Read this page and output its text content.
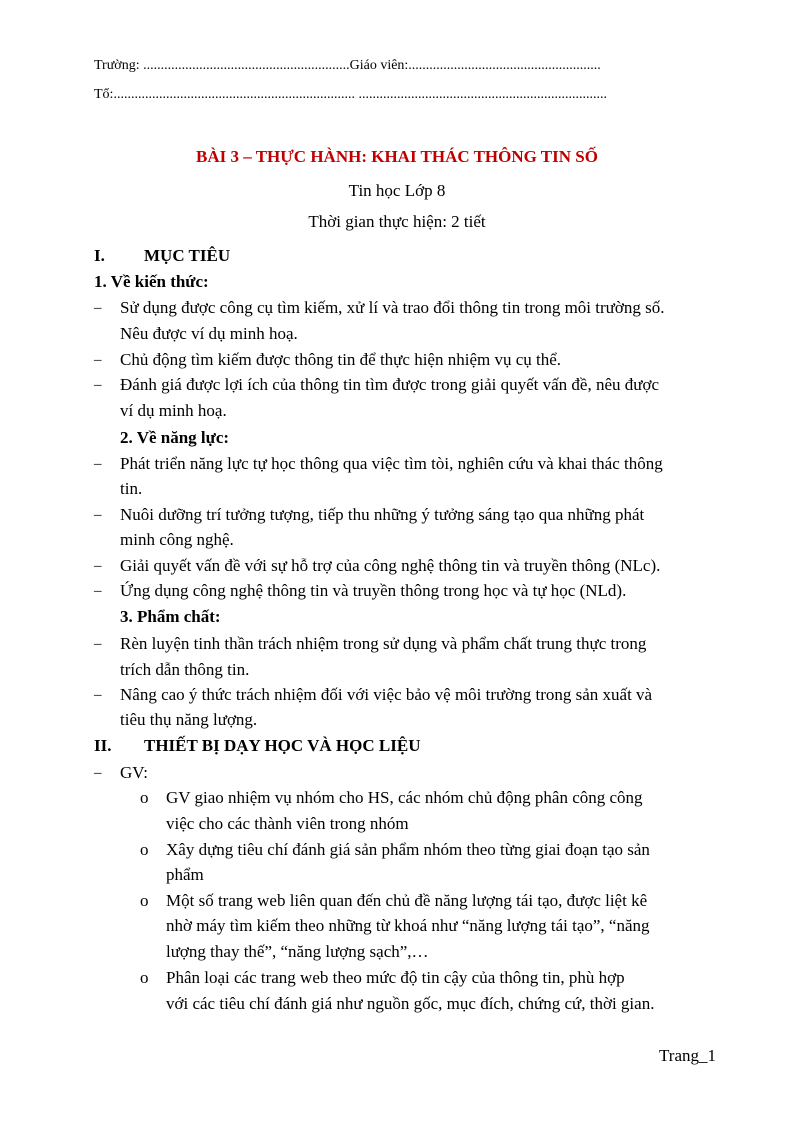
Trường: ...........................................................Giáo viên:.......................................................
Tổ:..................................................................... .......................................................................
BÀI 3 – THỰC HÀNH: KHAI THÁC THÔNG TIN SỐ
Tin học Lớp 8
Thời gian thực hiện: 2 tiết
I. MỤC TIÊU
1. Về kiến thức:
– Sử dụng được công cụ tìm kiếm, xử lí và trao đổi thông tin trong môi trường số.
Nêu được ví dụ minh hoạ.
– Chủ động tìm kiếm được thông tin để thực hiện nhiệm vụ cụ thể.
– Đánh giá được lợi ích của thông tin tìm được trong giải quyết vấn đề, nêu được
ví dụ minh hoạ.
2. Về năng lực:
– Phát triển năng lực tự học thông qua việc tìm tòi, nghiên cứu và khai thác thông
tin.
– Nuôi dưỡng trí tưởng tượng, tiếp thu những ý tưởng sáng tạo qua những phát
minh công nghệ.
– Giải quyết vấn đề với sự hỗ trợ của công nghệ thông tin và truyền thông (NLc).
– Ứng dụng công nghệ thông tin và truyền thông trong học và tự học (NLd).
3. Phẩm chất:
– Rèn luyện tinh thần trách nhiệm trong sử dụng và phẩm chất trung thực trong
trích dẫn thông tin.
– Nâng cao ý thức trách nhiệm đối với việc bảo vệ môi trường trong sản xuất và
tiêu thụ năng lượng.
II. THIẾT BỊ DẠY HỌC VÀ HỌC LIỆU
– GV:
o GV giao nhiệm vụ nhóm cho HS, các nhóm chủ động phân công công
việc cho các thành viên trong nhóm
o Xây dựng tiêu chí đánh giá sản phẩm nhóm theo từng giai đoạn tạo sản
phẩm
o Một số trang web liên quan đến chủ đề năng lượng tái tạo, được liệt kê
nhờ máy tìm kiếm theo những từ khoá như “năng lượng tái tạo”, “năng
lượng thay thế”, “năng lượng sạch”,…
o Phân loại các trang web theo mức độ tin cậy của thông tin, phù hợp
với các tiêu chí đánh giá như nguồn gốc, mục đích, chứng cứ, thời gian.
Trang_1
